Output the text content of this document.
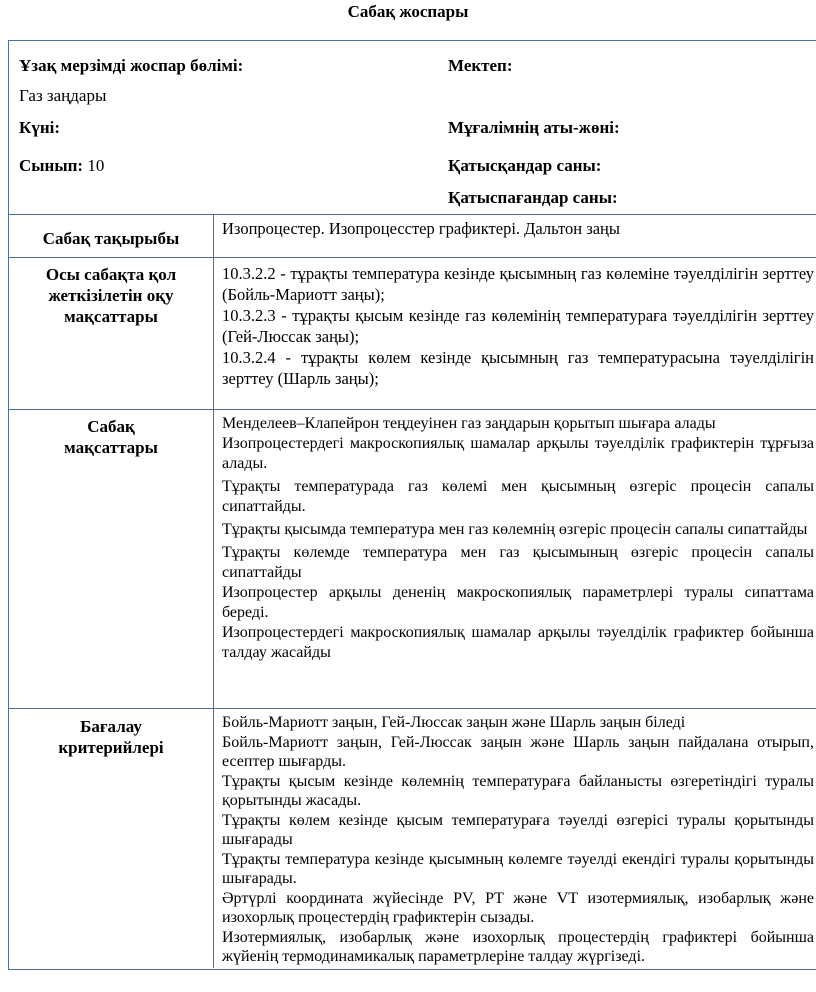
Сабақ жоспары
Ұзақ мерзімді жоспар бөлімі:
Газ заңдары
Мектеп:
Күні:	Мұғалімнің аты-жөні:
Сынып: 10	Қатысқандар саны:
Қатыспағандар саны:
Сабақ тақырыбы
Изопроцестер. Изопроцесстер графиктері. Дальтон заңы
Осы сабақта қол жеткізілетін оқу мақсаттары

10.3.2.2 - тұрақты температура кезінде қысымның газ көлеміне тәуелділігін зерттеу (Бойль-Мариотт заңы);

10.3.2.3 - тұрақты қысым кезінде газ көлемінің температураға тәуелділігін зерттеу (Гей-Люссак заңы);

10.3.2.4 - тұрақты көлем кезінде қысымның газ температурасына тәуелділігін зерттеу (Шарль заңы);

Сабақ
мақсаттары

Менделеев–Клапейрон теңдеуінен газ заңдарын қорытып шығара алады

Изопроцестердегі макроскопиялық шамалар арқылы тәуелділік графиктерін тұрғыза алады.

Тұрақты температурада газ көлемі мен қысымның өзгеріс процесін сапалы сипаттайды.

Тұрақты қысымда температура мен газ көлемнің өзгеріс процесін сапалы сипаттайды

Тұрақты көлемде температура мен газ қысымының өзгеріс процесін сапалы сипаттайды

Изопроцестер арқылы дененің макроскопиялық параметрлері туралы сипаттама береді.

Изопроцестердегі макроскопиялық шамалар арқылы тәуелділік графиктер бойынша талдау жасайды

Бағалау
критерийлері

Бойль-Мариотт заңын, Гей-Люссак заңын және Шарль заңын біледі

Бойль-Мариотт заңын, Гей-Люссак заңын және Шарль заңын пайдалана отырып, есептер шығарды.

Тұрақты қысым кезінде көлемнің температураға байланысты өзгеретіндігі туралы қорытынды жасады.

Тұрақты көлем кезінде қысым температураға тәуелді өзгерісі туралы қорытынды шығарады

Тұрақты температура кезінде қысымның көлемге тәуелді екендігі туралы қорытынды шығарады.

Әртүрлі координата жүйесінде PV, PT және VT изотермиялық, изобарлық және изохорлық процестердің графиктерін сызады.

Изотермиялық, изобарлық және изохорлық процестердің графиктері бойынша жүйенің термодинамикалық параметрлеріне талдау жүргізеді.
